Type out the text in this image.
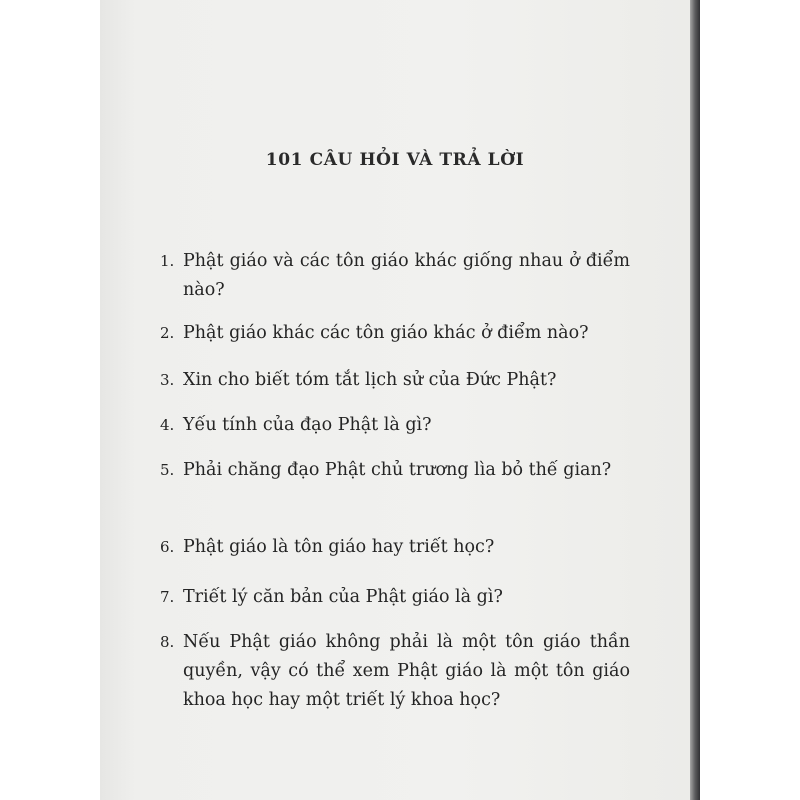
101 CÂU HỎI VÀ TRẢ LỜI
1. Phật giáo và các tôn giáo khác giống nhau ở điểm nào?
2. Phật giáo khác các tôn giáo khác ở điểm nào?
3. Xin cho biết tóm tắt lịch sử của Đức Phật?
4. Yếu tính của đạo Phật là gì?
5. Phải chăng đạo Phật chủ trương lìa bỏ thế gian?
6. Phật giáo là tôn giáo hay triết học?
7. Triết lý căn bản của Phật giáo là gì?
8. Nếu Phật giáo không phải là một tôn giáo thần quyền, vậy có thể xem Phật giáo là một tôn giáo khoa học hay một triết lý khoa học?
